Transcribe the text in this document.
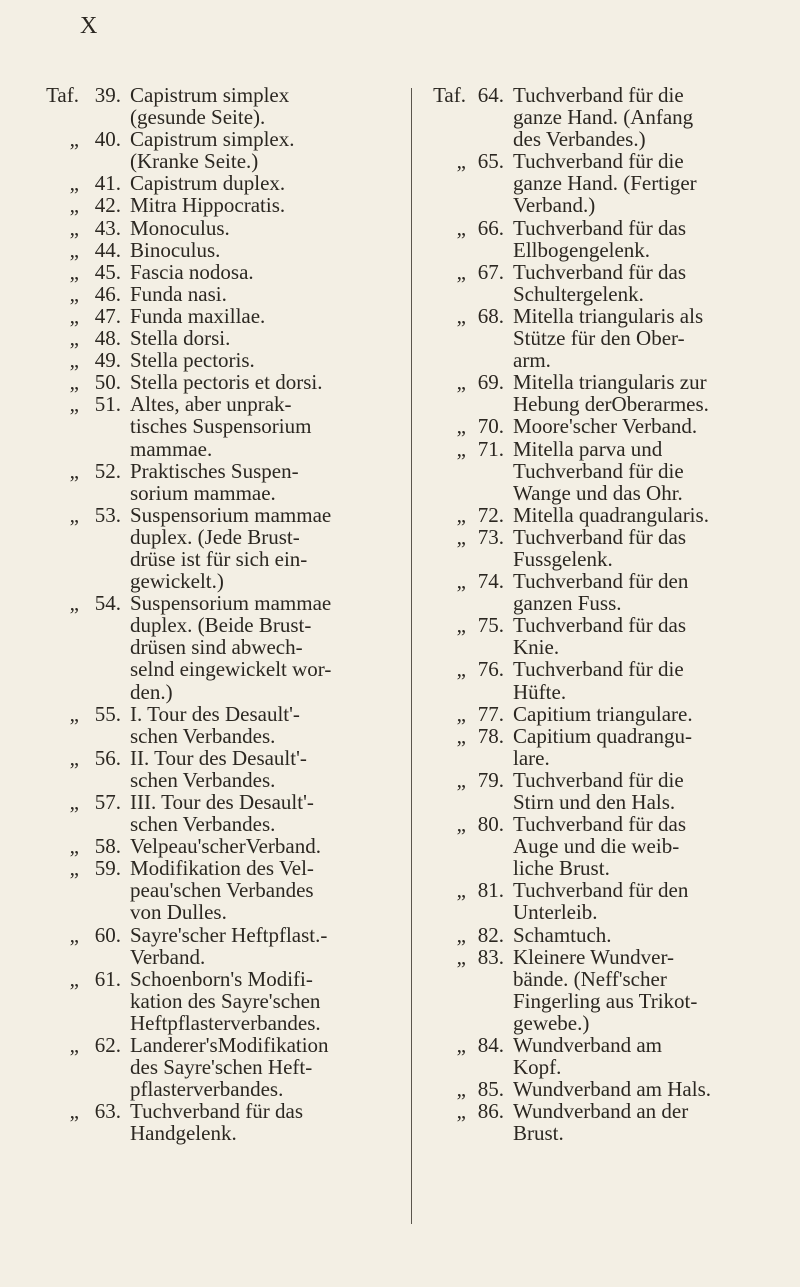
X
Taf. 39. Capistrum simplex
(gesunde Seite).
„ 40. Capistrum simplex.
(Kranke Seite.)
„ 41. Capistrum duplex.
„ 42. Mitra Hippocratis.
„ 43. Monoculus.
„ 44. Binoculus.
„ 45. Fascia nodosa.
„ 46. Funda nasi.
„ 47. Funda maxillae.
„ 48. Stella dorsi.
„ 49. Stella pectoris.
„ 50. Stella pectoris et dorsi.
„ 51. Altes, aber unprak-
tisches Suspensorium
mammae.
„ 52. Praktisches Suspen-
sorium mammae.
„ 53. Suspensorium mammae
duplex. (Jede Brust-
drüse ist für sich ein-
gewickelt.)
„ 54. Suspensorium mammae
duplex. (Beide Brust-
drüsen sind abwech-
selnd eingewickelt wor-
den.)
„ 55. I. Tour des Desault'-
schen Verbandes.
„ 56. II. Tour des Desault'-
schen Verbandes.
„ 57. III. Tour des Desault'-
schen Verbandes.
„ 58. Velpeau'scherVerband.
„ 59. Modifikation des Vel-
peau'schen Verbandes
von Dulles.
„ 60. Sayre'scher Heftpflast.-
Verband.
„ 61. Schoenborn's Modifi-
kation des Sayre'schen
Heftpflasterverbandes.
„ 62. Landerer'sModifikation
des Sayre'schen Heft-
pflasterverbandes.
„ 63. Tuchverband für das
Handgelenk.
Taf. 64. Tuchverband für die
ganze Hand. (Anfang
des Verbandes.)
„ 65. Tuchverband für die
ganze Hand. (Fertiger
Verband.)
„ 66. Tuchverband für das
Ellbogengelenk.
„ 67. Tuchverband für das
Schultergelenk.
„ 68. Mitella triangularis als
Stütze für den Ober-
arm.
„ 69. Mitella triangularis zur
Hebung derOberarmes.
„ 70. Moore'scher Verband.
„ 71. Mitella parva und
Tuchverband für die
Wange und das Ohr.
„ 72. Mitella quadrangularis.
„ 73. Tuchverband für das
Fussgelenk.
„ 74. Tuchverband für den
ganzen Fuss.
„ 75. Tuchverband für das
Knie.
„ 76. Tuchverband für die
Hüfte.
„ 77. Capitium triangulare.
„ 78. Capitium quadrangu-
lare.
„ 79. Tuchverband für die
Stirn und den Hals.
„ 80. Tuchverband für das
Auge und die weib-
liche Brust.
„ 81. Tuchverband für den
Unterleib.
„ 82. Schamtuch.
„ 83. Kleinere Wundver-
bände. (Neff'scher
Fingerling aus Trikot-
gewebe.)
„ 84. Wundverband am
Kopf.
„ 85. Wundverband am Hals.
„ 86. Wundverband an der
Brust.
